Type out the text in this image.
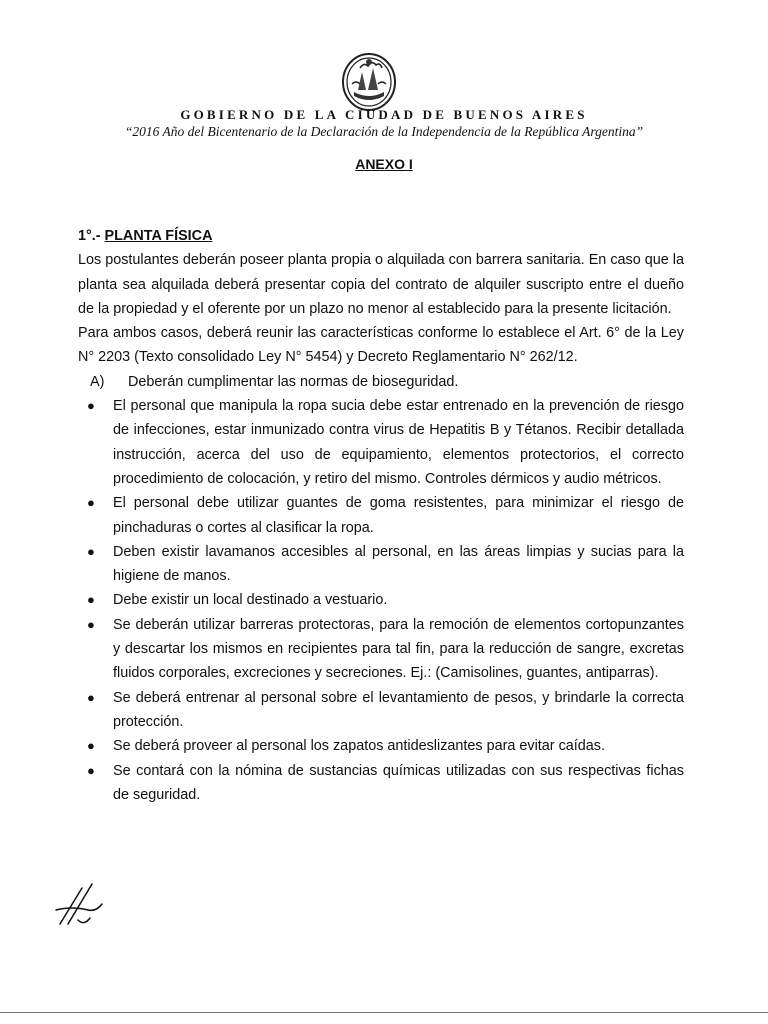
GOBIERNO DE LA CIUDAD DE BUENOS AIRES

“2016 Año del Bicentenario de la Declaración de la Independencia de la República Argentina”

ANEXO I

1°.- PLANTA FÍSICA

Los postulantes deberán poseer planta propia o alquilada con barrera sanitaria. En caso que la planta sea alquilada deberá presentar copia del contrato de alquiler suscripto entre el dueño de la propiedad y el oferente por un plazo no menor al establecido para la presente licitación.

Para ambos casos, deberá reunir las características conforme lo establece el Art. 6° de la Ley N° 2203 (Texto consolidado Ley N° 5454) y Decreto Reglamentario N° 262/12.

A) Deberán cumplimentar las normas de bioseguridad.

● El personal que manipula la ropa sucia debe estar entrenado en la prevención de riesgo de infecciones, estar inmunizado contra virus de Hepatitis B y Tétanos. Recibir detallada instrucción, acerca del uso de equipamiento, elementos protectorios, el correcto procedimiento de colocación, y retiro del mismo. Controles dérmicos y audio métricos.
● El personal debe utilizar guantes de goma resistentes, para minimizar el riesgo de pinchaduras o cortes al clasificar la ropa.
● Deben existir lavamanos accesibles al personal, en las áreas limpias y sucias para la higiene de manos.
● Debe existir un local destinado a vestuario.
● Se deberán utilizar barreras protectoras, para la remoción de elementos cortopunzantes y descartar los mismos en recipientes para tal fin, para la reducción de sangre, excretas fluidos corporales, excreciones y secreciones. Ej.: (Camisolines, guantes, antiparras).
● Se deberá entrenar al personal sobre el levantamiento de pesos, y brindarle la correcta protección.
● Se deberá proveer al personal los zapatos antideslizantes para evitar caídas.
● Se contará con la nómina de sustancias químicas utilizadas con sus respectivas fichas de seguridad.
